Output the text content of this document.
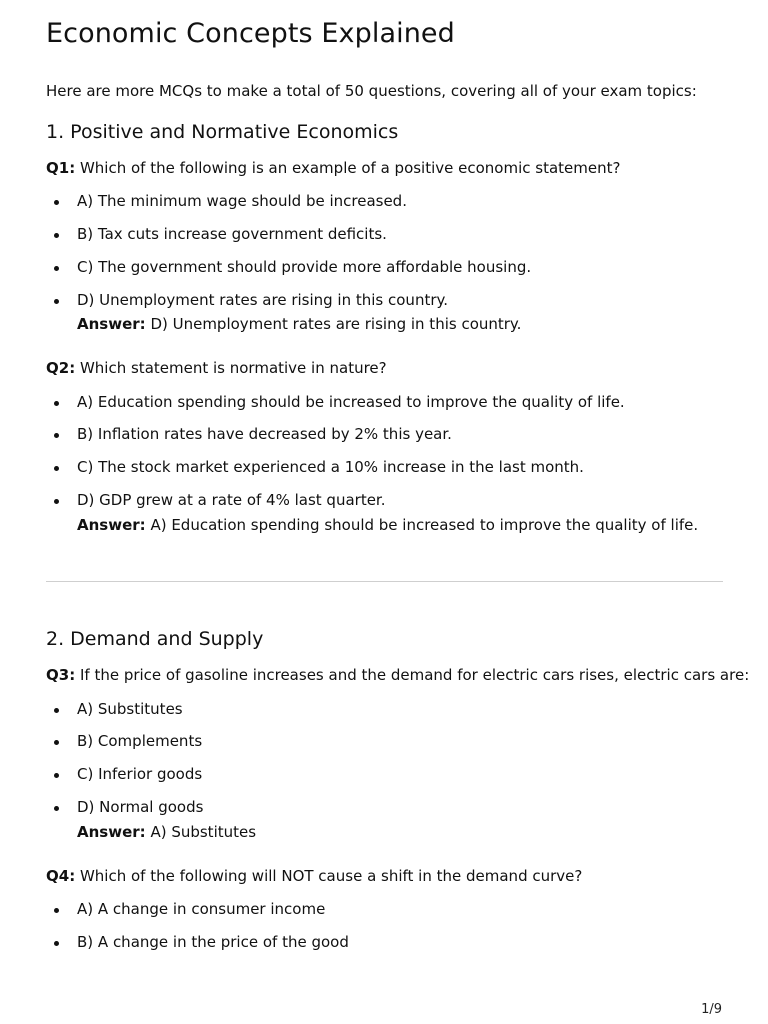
Economic Concepts Explained
Here are more MCQs to make a total of 50 questions, covering all of your exam topics:
1. Positive and Normative Economics
Q1: Which of the following is an example of a positive economic statement?
A) The minimum wage should be increased.
B) Tax cuts increase government deficits.
C) The government should provide more affordable housing.
D) Unemployment rates are rising in this country.
Answer: D) Unemployment rates are rising in this country.
Q2: Which statement is normative in nature?
A) Education spending should be increased to improve the quality of life.
B) Inflation rates have decreased by 2% this year.
C) The stock market experienced a 10% increase in the last month.
D) GDP grew at a rate of 4% last quarter.
Answer: A) Education spending should be increased to improve the quality of life.
2. Demand and Supply
Q3: If the price of gasoline increases and the demand for electric cars rises, electric cars are:
A) Substitutes
B) Complements
C) Inferior goods
D) Normal goods
Answer: A) Substitutes
Q4: Which of the following will NOT cause a shift in the demand curve?
A) A change in consumer income
B) A change in the price of the good
1/9
